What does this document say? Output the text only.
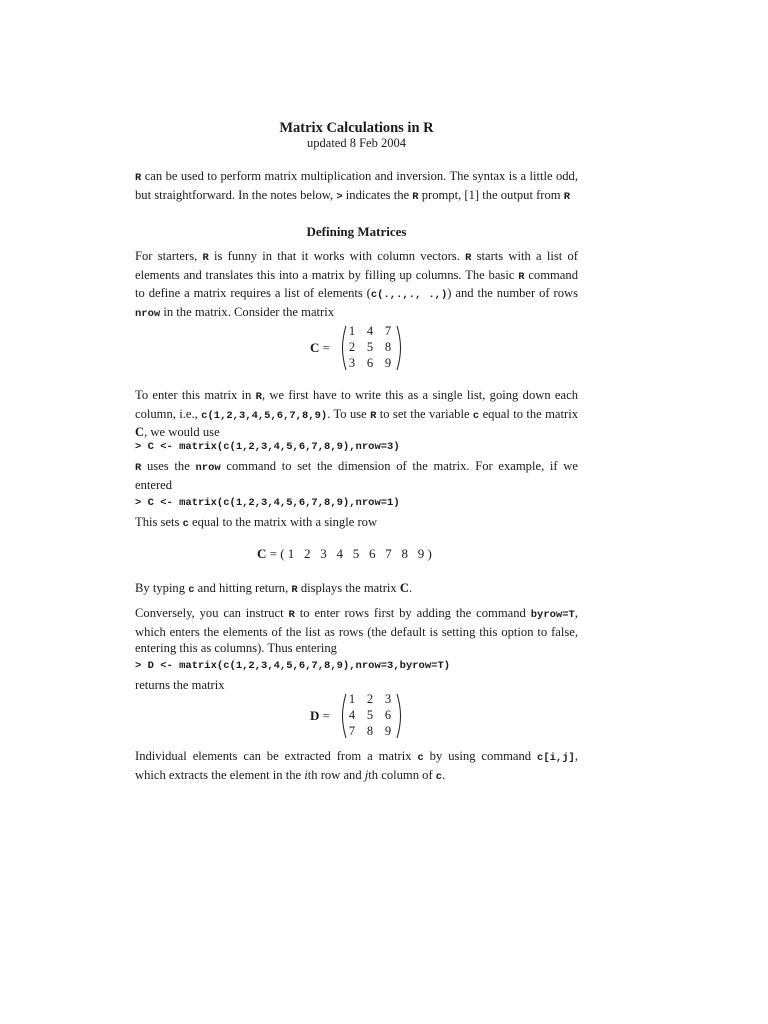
Matrix Calculations in R
updated 8 Feb 2004
R can be used to perform matrix multiplication and inversion. The syntax is a little odd, but straightforward. In the notes below, > indicates the R prompt, [1] the output from R
Defining Matrices
For starters, R is funny in that it works with column vectors. R starts with a list of elements and translates this into a matrix by filling up columns. The basic R command to define a matrix requires a list of elements (c(.,.,., .,)) and the number of rows nrow in the matrix. Consider the matrix
C =
1 4 7
2 5 8
3 6 9
To enter this matrix in R, we first have to write this as a single list, going down each column, i.e., c(1,2,3,4,5,6,7,8,9). To use R to set the variable c equal to the matrix C, we would use
> C <- matrix(c(1,2,3,4,5,6,7,8,9),nrow=3)
R uses the nrow command to set the dimension of the matrix. For example, if we entered
> C <- matrix(c(1,2,3,4,5,6,7,8,9),nrow=1)
This sets c equal to the matrix with a single row
C = ( 1   2   3   4   5   6   7   8   9 )
By typing c and hitting return, R displays the matrix C.
Conversely, you can instruct R to enter rows first by adding the command byrow=T, which enters the elements of the list as rows (the default is setting this option to false, entering this as columns). Thus entering
> D <- matrix(c(1,2,3,4,5,6,7,8,9),nrow=3,byrow=T)
returns the matrix
D =
1 2 3
4 5 6
7 8 9
Individual elements can be extracted from a matrix c by using command c[i,j], which extracts the element in the ith row and jth column of c.
